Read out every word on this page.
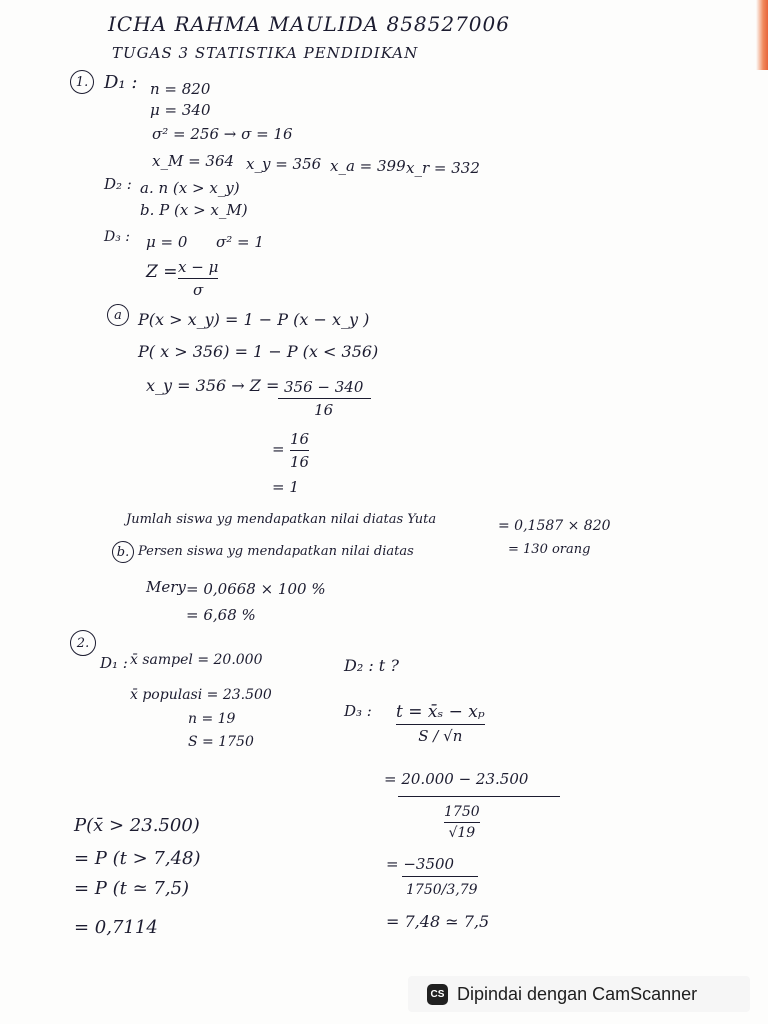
ICHA RAHMA MAULIDA 858527006
TUGAS 3 STATISTIKA PENDIDIKAN
1. D₁ : n = 820
μ = 340
σ² = 256 → σ = 16
x_M = 364 x_y = 356 x_a = 399 x_r = 332
D₂ : a. n (x > x_y)
b. P (x > x_M)
D₃ : μ = 0 σ² = 1
Z = x − μ
σ
a	P(x > x_y) = 1 − P (x − x_y )
P( x > 356) = 1 − P (x < 356)
x_y = 356 → Z = 356 − 340
16
=
16
16
= 1
Jumlah siswa yg mendapatkan nilai diatas Yuta	= 0,1587 × 820
= 130 orang
b. Persen siswa yg mendapatkan nilai diatas
Mery = 0,0668 × 100 %
= 6,68 %
2.
D₁ : x̄ sampel = 20.000
x̄ populasi = 23.500
n = 19
S = 1750
D₂ : t ?
D₃ : t = x̄ₛ − xₚ
S / √n
= 20.000 − 23.500
1750
√19
= −3500
1750/3,79
= 7,48 ≃ 7,5
P(x̄ > 23.500)
= P (t > 7,48)
= P (t ≃ 7,5)
= 0,7114
CS Dipindai dengan CamScanner
